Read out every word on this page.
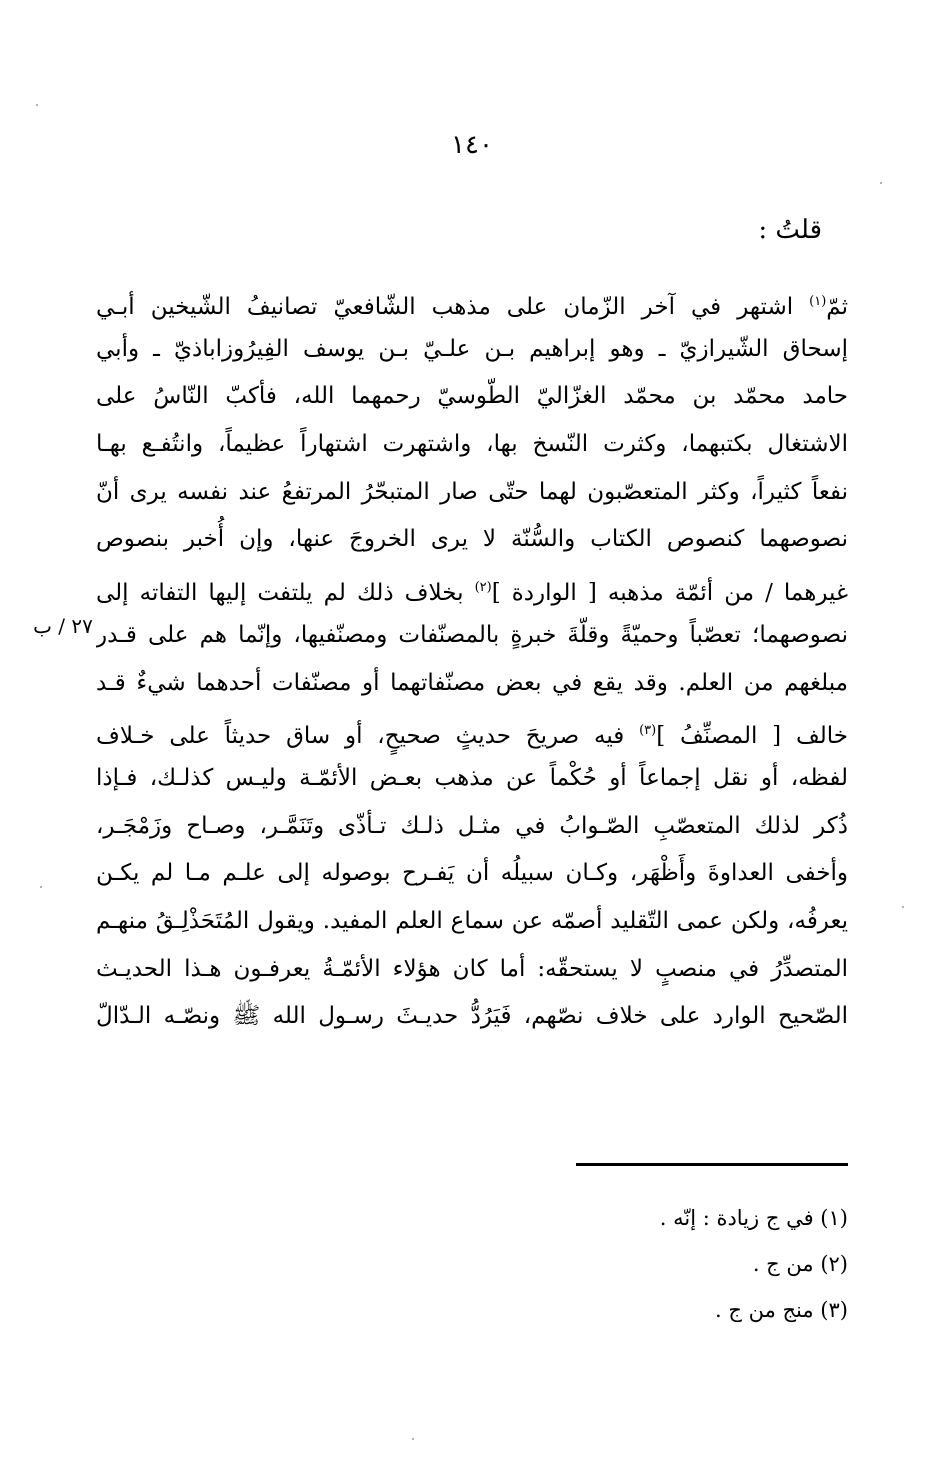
١٤٠
قلتُ :
٢٧ / ب
ثمّ$^{(١)}$ اشتهر في آخر الزّمان على مذهب الشّافعيّ تصانيفُ الشّيخين أبـي
إسحاق الشّيرازيّ ـ وهو إبراهيم بـن علـيّ بـن يوسف الفِيرُوزاباذيّ ـ وأبي
حامد محمّد بن محمّد الغزّاليّ الطّوسيّ رحمهما الله، فأكبّ النّاسُ على
الاشتغال بكتبهما، وكثرت النّسخ بها، واشتهرت اشتهاراً عظيماً، وانتُفـع بهـا
نفعاً كثيراً، وكثر المتعصّبون لهما حتّى صار المتبحّرُ المرتفعُ عند نفسه يرى أنّ
نصوصهما كنصوص الكتاب والسُّنّة لا يرى الخروجَ عنها، وإن أُخبر بنصوص
غيرهما / من أئمّة مذهبه [ الواردة ]$^{(٢)}$ بخلاف ذلك لم يلتفت إليها التفاته إلى
نصوصهما؛ تعصّباً وحميّةً وقلّةَ خبرةٍ بالمصنّفات ومصنّفيها، وإنّما هم على قـدر
مبلغهم من العلم. وقد يقع في بعض مصنّفاتهما أو مصنّفات أحدهما شيءٌ قـد
خالف [ المصنِّفُ ]$^{(٣)}$ فيه صريحَ حديثٍ صحيحٍ، أو ساق حديثاً على خـلاف
لفظه، أو نقل إجماعاً أو حُكْماً عن مذهب بعـض الأئمّـة وليـس كذلـك، فـإذا
ذُكر لذلك المتعصّبِ الصّـوابُ في مثـل ذلـك تـأذّى وتَنَمَّـر، وصـاح وزَمْجَـر،
وأخفى العداوةَ وأَظْهَر، وكـان سبيلُه أن يَفـرح بوصوله إلى علـم مـا لم يكـن
يعرفُه، ولكن عمى التّقليد أصمّه عن سماع العلم المفيد. ويقول المُتَحَذْلِـقُ منهـم
المتصدِّرُ في منصبٍ لا يستحقّه: أما كان هؤلاء الأئمّـةُ يعرفـون هـذا الحديـث
الصّحيح الوارد على خلاف نصّهم، فَيَرُدُّ حديـثَ رسـول الله ﷺ ونصّـه الـدّالّ
(١) في ج زيادة : إنّه .
(٢) من ج .
(٣) منج من ج .
